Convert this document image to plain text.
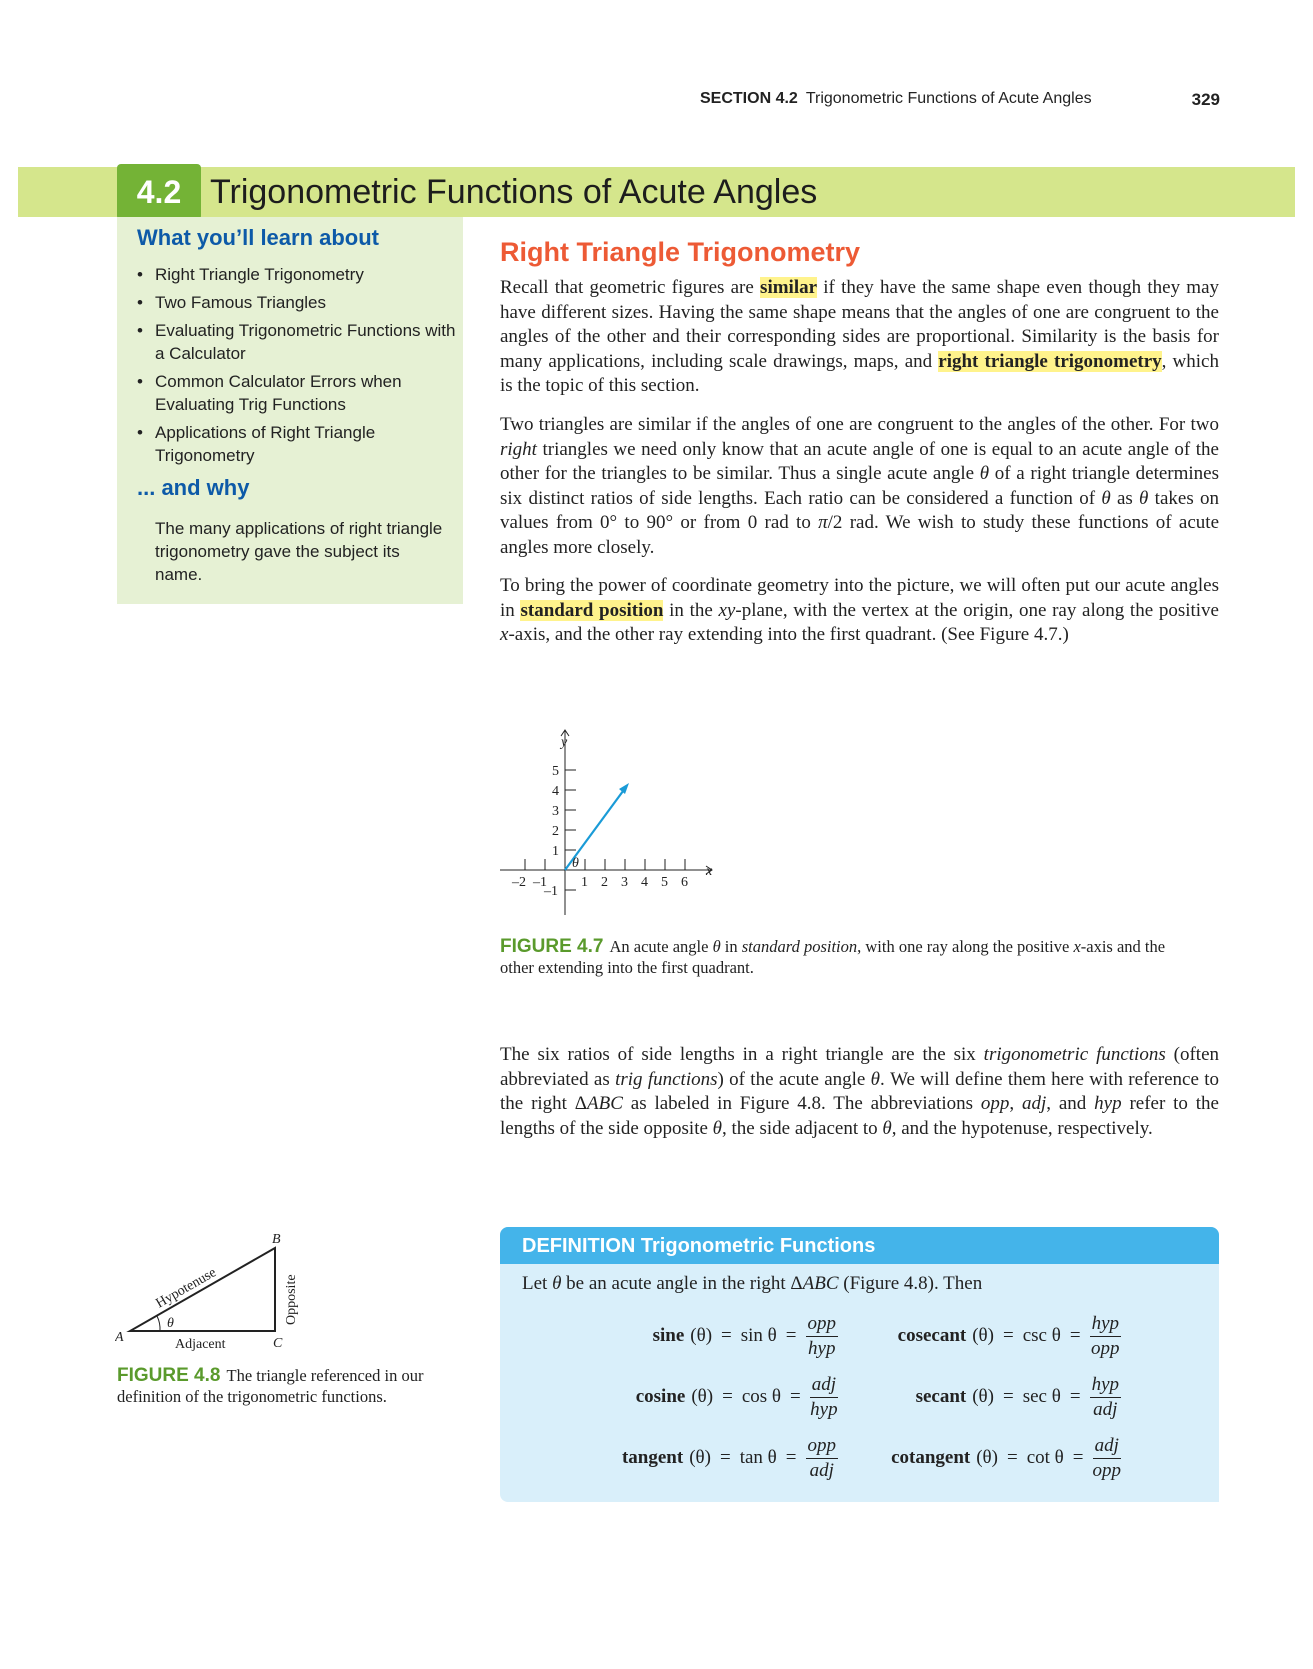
SECTION 4.2 Trigonometric Functions of Acute Angles	329
4.2 Trigonometric Functions of Acute Angles
What you’ll learn about
• Right Triangle Trigonometry
• Two Famous Triangles
• Evaluating Trigonometric Functions with a Calculator
• Common Calculator Errors when Evaluating Trig Functions
• Applications of Right Triangle Trigonometry
... and why
The many applications of right triangle trigonometry gave the subject its name.
Right Triangle Trigonometry

Recall that geometric figures are similar if they have the same shape even though they may have different sizes. Having the same shape means that the angles of one are congruent to the angles of the other and their corresponding sides are proportional. Similarity is the basis for many applications, including scale drawings, maps, and right triangle trigonometry, which is the topic of this section.

Two triangles are similar if the angles of one are congruent to the angles of the other. For two right triangles we need only know that an acute angle of one is equal to an acute angle of the other for the triangles to be similar. Thus a single acute angle θ of a right triangle determines six distinct ratios of side lengths. Each ratio can be considered a function of θ as θ takes on values from 0° to 90° or from 0 rad to π/2 rad. We wish to study these functions of acute angles more closely.

To bring the power of coordinate geometry into the picture, we will often put our acute angles in standard position in the xy-plane, with the vertex at the origin, one ray along the positive x-axis, and the other ray extending into the first quadrant. (See Figure 4.7.)

y
x
θ
–2 –1 1 2 3 4 5 6
5
4
3
2
1
–1
FIGURE 4.7 An acute angle θ in standard position, with one ray along the positive x-axis and the other extending into the first quadrant.

The six ratios of side lengths in a right triangle are the six trigonometric functions (often abbreviated as trig functions) of the acute angle θ. We will define them here with reference to the right ΔABC as labeled in Figure 4.8. The abbreviations opp, adj, and hyp refer to the lengths of the side opposite θ, the side adjacent to θ, and the hypotenuse, respectively.

A
B
C
θ
Adjacent
Hypotenuse	Opposite
FIGURE 4.8 The triangle referenced in our definition of the trigonometric functions.
DEFINITION Trigonometric Functions
Let θ be an acute angle in the right ΔABC (Figure 4.8). Then
sine $(\theta) = \sin \theta = \frac{\text{opp}}{\text{hyp}}$	cosecant $(\theta) = \csc \theta = \frac{\text{hyp}}{\text{opp}}$
cosine $(\theta) = \cos \theta = \frac{\text{adj}}{\text{hyp}}$	secant $(\theta) = \sec \theta = \frac{\text{hyp}}{\text{adj}}$
tangent $(\theta) = \tan \theta = \frac{\text{opp}}{\text{adj}}$	cotangent $(\theta) = \cot \theta = \frac{\text{adj}}{\text{opp}}$
